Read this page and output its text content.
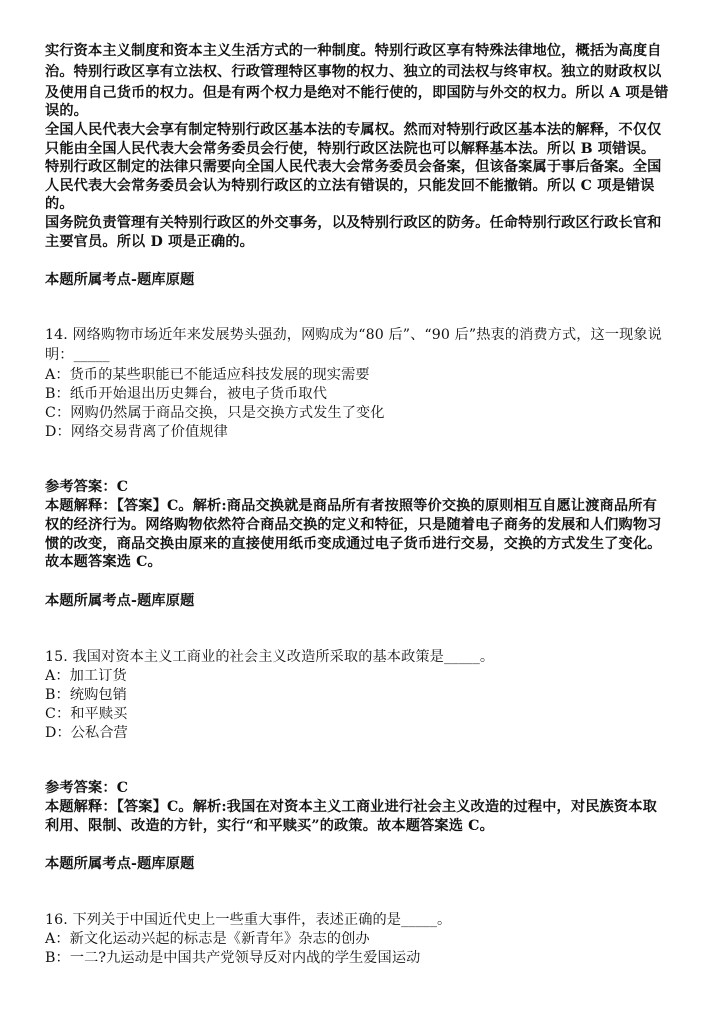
实行资本主义制度和资本主义生活方式的一种制度。特别行政区享有特殊法律地位，概括为高度自
治。特别行政区享有立法权、行政管理特区事物的权力、独立的司法权与终审权。独立的财政权以
及使用自己货币的权力。但是有两个权力是绝对不能行使的，即国防与外交的权力。所以 A 项是错
误的。
全国人民代表大会享有制定特别行政区基本法的专属权。然而对特别行政区基本法的解释，不仅仅
只能由全国人民代表大会常务委员会行使，特别行政区法院也可以解释基本法。所以 B 项错误。
特别行政区制定的法律只需要向全国人民代表大会常务委员会备案，但该备案属于事后备案。全国
人民代表大会常务委员会认为特别行政区的立法有错误的，只能发回不能撤销。所以 C 项是错误
的。
国务院负责管理有关特别行政区的外交事务，以及特别行政区的防务。任命特别行政区行政长官和
主要官员。所以 D 项是正确的。
本题所属考点-题库原题
14. 网络购物市场近年来发展势头强劲，网购成为“80 后”、“90 后”热衷的消费方式，这一现象说
明：_____
A：货币的某些职能已不能适应科技发展的现实需要
B：纸币开始退出历史舞台，被电子货币取代
C：网购仍然属于商品交换，只是交换方式发生了变化
D：网络交易背离了价值规律
参考答案：C
本题解释：【答案】C。解析:商品交换就是商品所有者按照等价交换的原则相互自愿让渡商品所有
权的经济行为。网络购物依然符合商品交换的定义和特征，只是随着电子商务的发展和人们购物习
惯的改变，商品交换由原来的直接使用纸币变成通过电子货币进行交易，交换的方式发生了变化。
故本题答案选 C。
本题所属考点-题库原题
15. 我国对资本主义工商业的社会主义改造所采取的基本政策是_____。
A：加工订货
B：统购包销
C：和平赎买
D：公私合营
参考答案：C
本题解释：【答案】C。解析:我国在对资本主义工商业进行社会主义改造的过程中，对民族资本取
利用、限制、改造的方针，实行“和平赎买”的政策。故本题答案选 C。
本题所属考点-题库原题
16. 下列关于中国近代史上一些重大事件，表述正确的是_____。
A：新文化运动兴起的标志是《新青年》杂志的创办
B：一二?九运动是中国共产党领导反对内战的学生爱国运动
